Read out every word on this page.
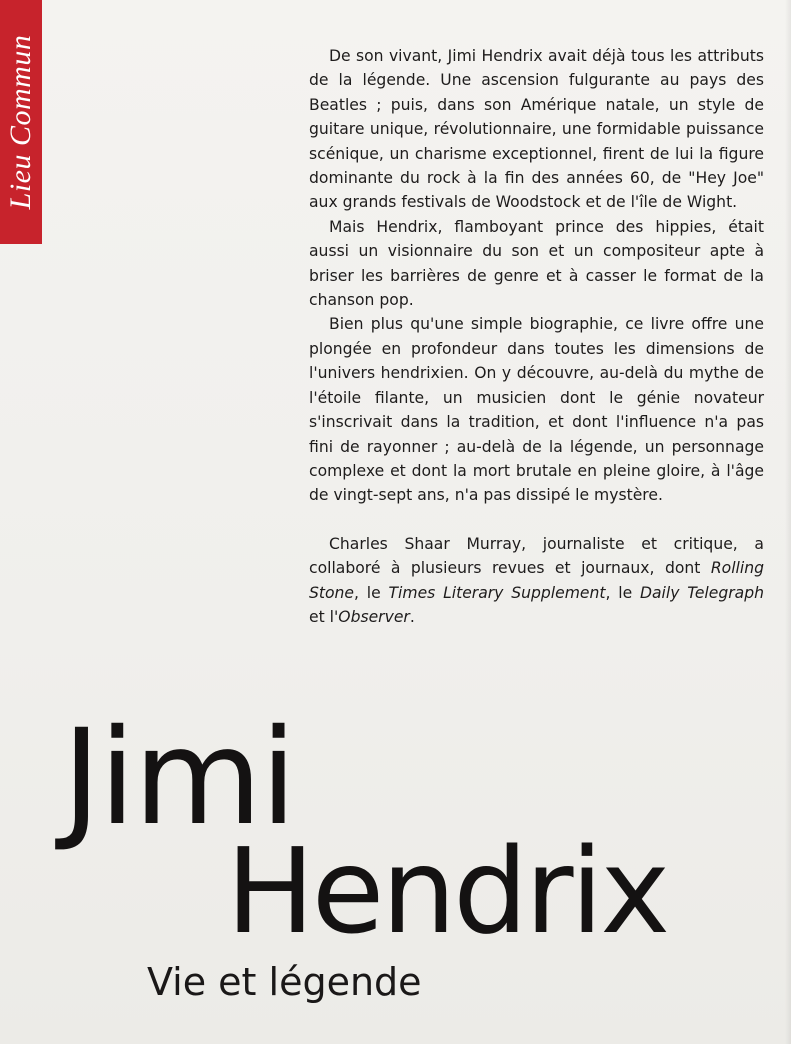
Lieu Commun	De son vivant, Jimi Hendrix avait déjà tous les attributs de la légende. Une ascension fulgurante au pays des Beatles ; puis, dans son Amérique natale, un style de guitare unique, révolutionnaire, une formidable puissance scénique, un charisme exceptionnel, firent de lui la figure dominante du rock à la fin des années 60, de "Hey Joe" aux grands festivals de Woodstock et de l'île de Wight.

Mais Hendrix, flamboyant prince des hippies, était aussi un visionnaire du son et un compositeur apte à briser les barrières de genre et à casser le format de la chanson pop.

Bien plus qu'une simple biographie, ce livre offre une plongée en profondeur dans toutes les dimensions de l'univers hendrixien. On y découvre, au-delà du mythe de l'étoile filante, un musicien dont le génie novateur s'inscrivait dans la tradition, et dont l'influence n'a pas fini de rayonner ; au-delà de la légende, un personnage complexe et dont la mort brutale en pleine gloire, à l'âge de vingt-sept ans, n'a pas dissipé le mystère.

Charles Shaar Murray, journaliste et critique, a collaboré à plusieurs revues et journaux, dont Rolling Stone, le Times Literary Supplement, le Daily Telegraph et l'Observer.

Jimi
Hendrix
Vie et légende
